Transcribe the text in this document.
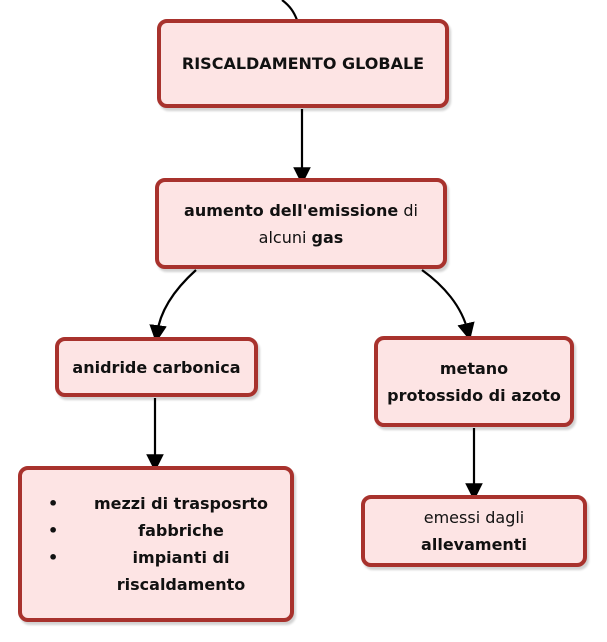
RISCALDAMENTO GLOBALE
aumento dell'emissione di
alcuni gas
anidride carbonica	metano
protossido di azoto
emessi dagli
allevamenti
•	mezzi di trasposrto
•	fabbriche
•	impianti di
riscaldamento
